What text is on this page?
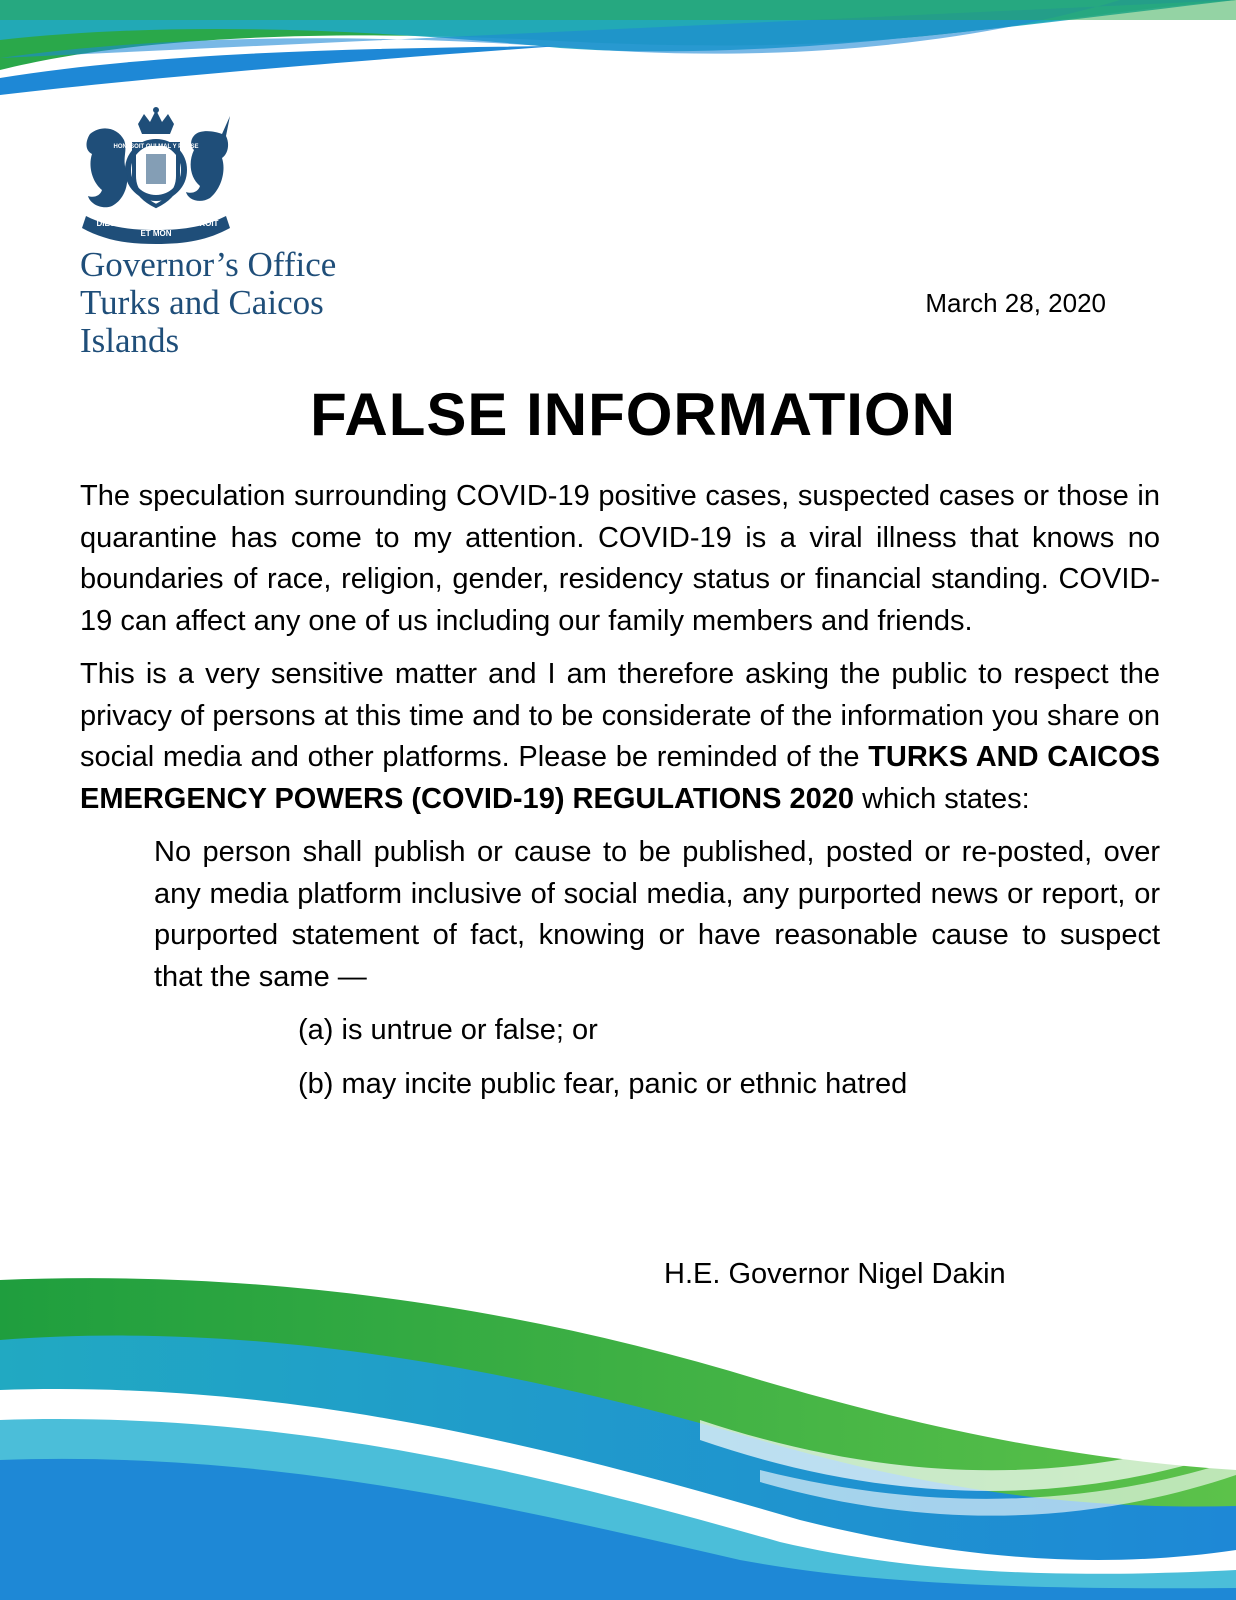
HONI SOIT QUI MAL Y PENSE
DIEU
ET MON
DROIT
Governor’s Office
Turks and Caicos
Islands
March 28, 2020
FALSE INFORMATION

The speculation surrounding COVID-19 positive cases, suspected cases or those in quarantine has come to my attention. COVID-19 is a viral illness that knows no boundaries of race, religion, gender, residency status or financial standing. COVID-19 can affect any one of us including our family members and friends.

This is a very sensitive matter and I am therefore asking the public to respect the privacy of persons at this time and to be considerate of the information you share on social media and other platforms. Please be reminded of the TURKS AND CAICOS EMERGENCY POWERS (COVID-19) REGULATIONS 2020 which states:

No person shall publish or cause to be published, posted or re-posted, over any media platform inclusive of social media, any purported news or report, or purported statement of fact, knowing or have reasonable cause to suspect that the same —

(a) is untrue or false; or

(b) may incite public fear, panic or ethnic hatred

H.E. Governor Nigel Dakin
